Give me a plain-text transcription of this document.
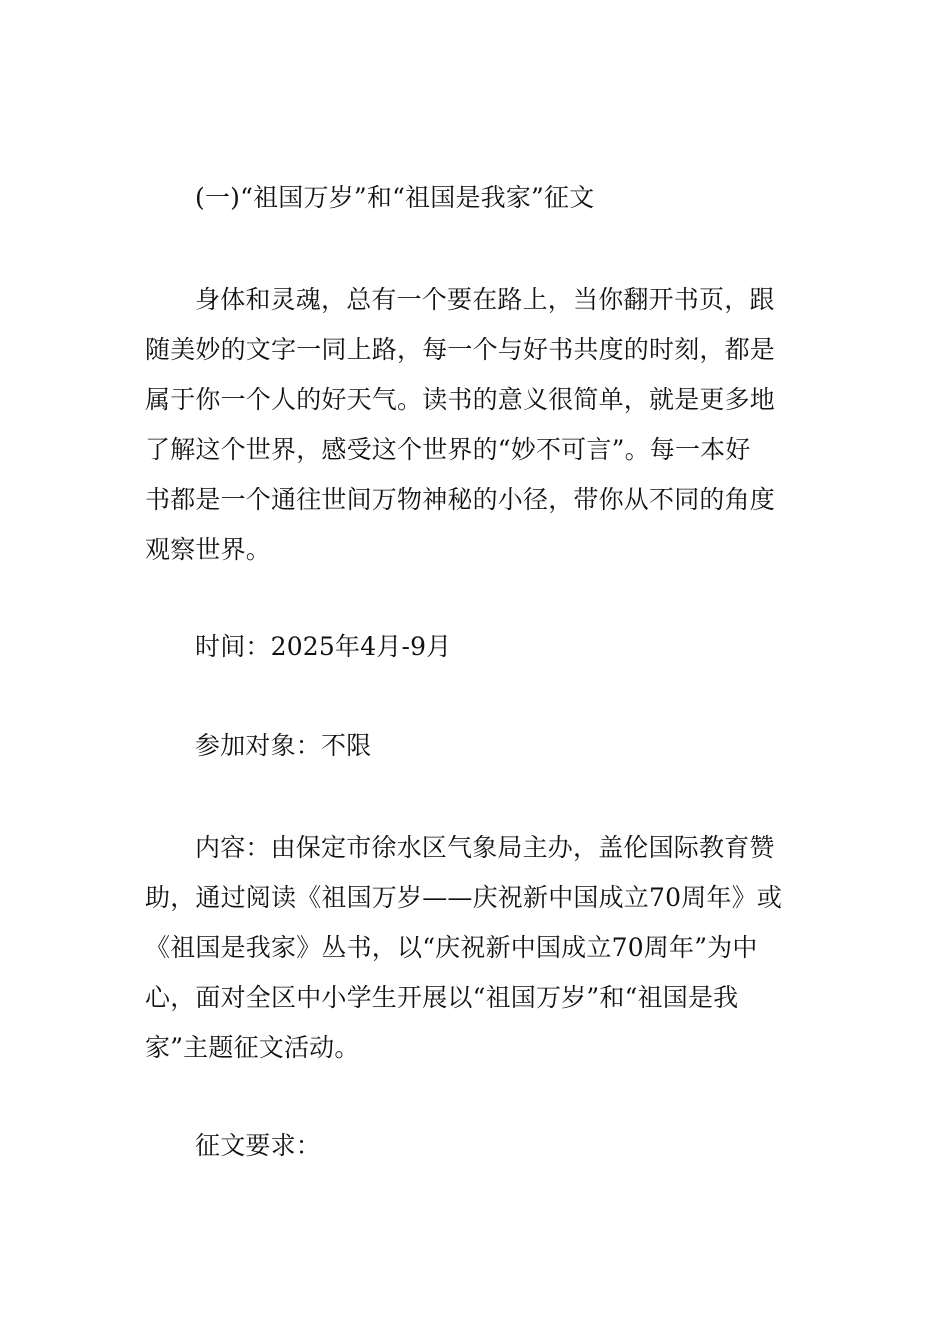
(一)“祖国万岁”和“祖国是我家”征文
身体和灵魂，总有一个要在路上，当你翻开书页，跟
随美妙的文字一同上路，每一个与好书共度的时刻，都是
属于你一个人的好天气。读书的意义很简单，就是更多地
了解这个世界，感受这个世界的“妙不可言”。每一本好
书都是一个通往世间万物神秘的小径，带你从不同的角度
观察世界。
时间：2025年4月-9月
参加对象：不限
内容：由保定市徐水区气象局主办，盖伦国际教育赞
助，通过阅读《祖国万岁——庆祝新中国成立70周年》或
《祖国是我家》丛书，以“庆祝新中国成立70周年”为中
心，面对全区中小学生开展以“祖国万岁”和“祖国是我
家”主题征文活动。
征文要求：
